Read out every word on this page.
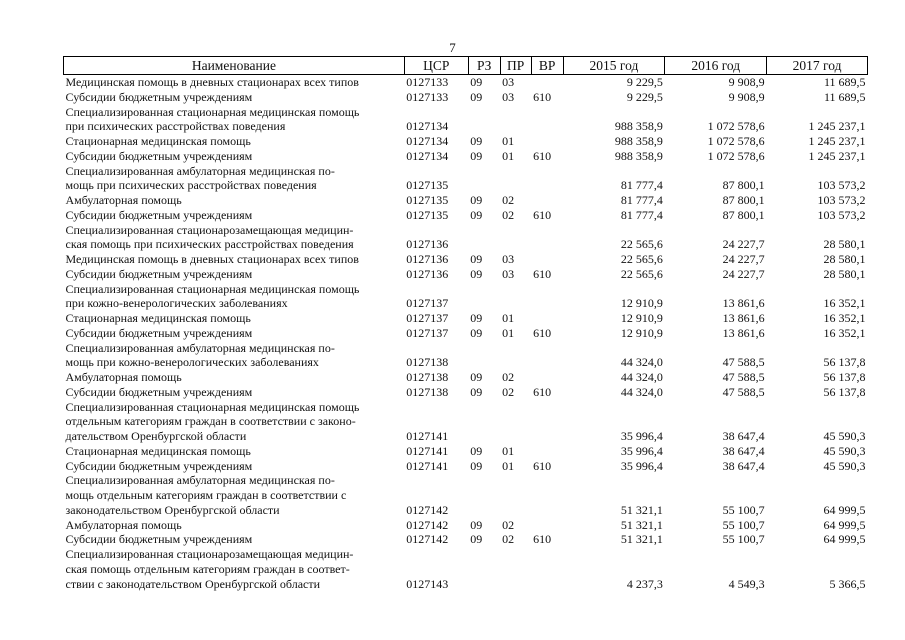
7
Наименование	ЦСР	РЗ	ПР	ВР	2015 год	2016 год	2017 год

Медицинская помощь в дневных стационарах всех типов	0127133	09	03		9 229,5	9 908,9	11 689,5

Субсидии бюджетным учреждениям	0127133	09	03	610	9 229,5	9 908,9	11 689,5

Специализированная стационарная медицинская помощь
при психических расстройствах поведения	0127134				988 358,9	1 072 578,6	1 245 237,1

Стационарная медицинская помощь	0127134	09	01		988 358,9	1 072 578,6	1 245 237,1

Субсидии бюджетным учреждениям	0127134	09	01	610	988 358,9	1 072 578,6	1 245 237,1

Специализированная амбулаторная медицинская по-
мощь при психических расстройствах поведения	0127135				81 777,4	87 800,1	103 573,2

Амбулаторная помощь	0127135	09	02		81 777,4	87 800,1	103 573,2

Субсидии бюджетным учреждениям	0127135	09	02	610	81 777,4	87 800,1	103 573,2

Специализированная стационарозамещающая медицин-
ская помощь при психических расстройствах поведения	0127136				22 565,6	24 227,7	28 580,1

Медицинская помощь в дневных стационарах всех типов	0127136	09	03		22 565,6	24 227,7	28 580,1

Субсидии бюджетным учреждениям	0127136	09	03	610	22 565,6	24 227,7	28 580,1

Специализированная стационарная медицинская помощь
при кожно-венерологических заболеваниях	0127137				12 910,9	13 861,6	16 352,1

Стационарная медицинская помощь	0127137	09	01		12 910,9	13 861,6	16 352,1

Субсидии бюджетным учреждениям	0127137	09	01	610	12 910,9	13 861,6	16 352,1

Специализированная амбулаторная медицинская по-
мощь при кожно-венерологических заболеваниях	0127138				44 324,0	47 588,5	56 137,8

Амбулаторная помощь	0127138	09	02		44 324,0	47 588,5	56 137,8

Субсидии бюджетным учреждениям	0127138	09	02	610	44 324,0	47 588,5	56 137,8

Специализированная стационарная медицинская помощь
отдельным категориям граждан в соответствии с законо-
дательством Оренбургской области	0127141				35 996,4	38 647,4	45 590,3

Стационарная медицинская помощь	0127141	09	01		35 996,4	38 647,4	45 590,3

Субсидии бюджетным учреждениям	0127141	09	01	610	35 996,4	38 647,4	45 590,3

Специализированная амбулаторная медицинская по-
мощь отдельным категориям граждан в соответствии с
законодательством Оренбургской области	0127142				51 321,1	55 100,7	64 999,5

Амбулаторная помощь	0127142	09	02		51 321,1	55 100,7	64 999,5

Субсидии бюджетным учреждениям	0127142	09	02	610	51 321,1	55 100,7	64 999,5

Специализированная стационарозамещающая медицин-
ская помощь отдельным категориям граждан в соответ-
ствии с законодательством Оренбургской области	0127143				4 237,3	4 549,3	5 366,5
